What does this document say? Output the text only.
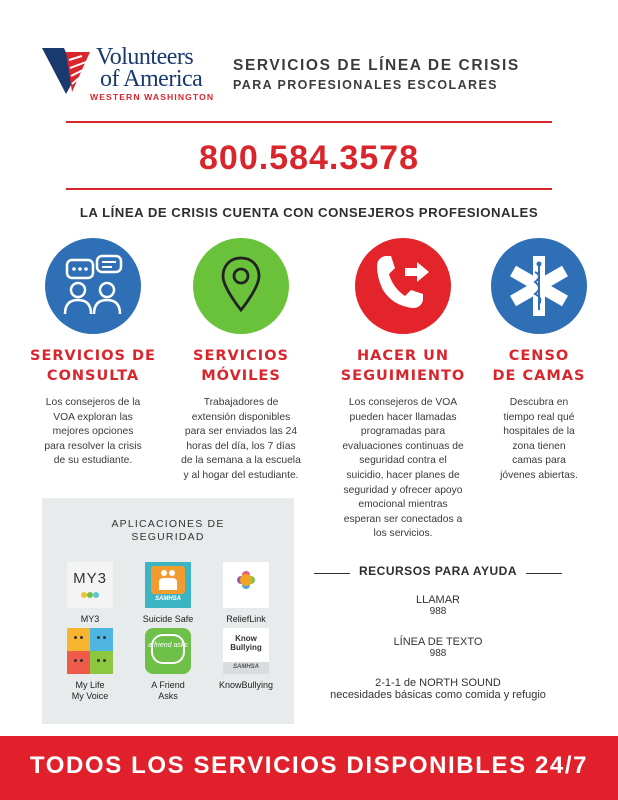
Volunteers
of America
WESTERN WASHINGTON
SERVICIOS DE LÍNEA DE CRISIS
PARA PROFESIONALES ESCOLARES
800.584.3578
LA LÍNEA DE CRISIS CUENTA CON CONSEJEROS PROFESIONALES
SERVICIOS DE
CONSULTA
Los consejeros de la
VOA exploran las
mejores opciones
para resolver la crisis
de su estudiante.
SERVICIOS
MÓVILES
Trabajadores de
extensión disponibles
para ser enviados las 24
horas del día, los 7 días
de la semana a la escuela
y al hogar del estudiante.
HACER UN
SEGUIMIENTO
Los consejeros de VOA
pueden hacer llamadas
programadas para
evaluaciones continuas de
seguridad contra el
suicidio, hacer planes de
seguridad y ofrecer apoyo
emocional mientras
esperan ser conectados a
los servicios.
CENSO
DE CAMAS
Descubra en
tiempo real qué
hospitales de la
zona tienen
camas para
jóvenes abiertas.
APLICACIONES DE
SEGURIDAD
MY3
MY3
SAMHSA
Suicide Safe	ReliefLink
My Life
My Voice
a friend asks
A Friend
Asks
Know Bullying
SAMHSA
KnowBullying
RECURSOS PARA AYUDA
LLAMAR
988
LÍNEA DE TEXTO
988
2-1-1 de NORTH SOUND
necesidades básicas como comida y refugio
TODOS LOS SERVICIOS DISPONIBLES 24/7
